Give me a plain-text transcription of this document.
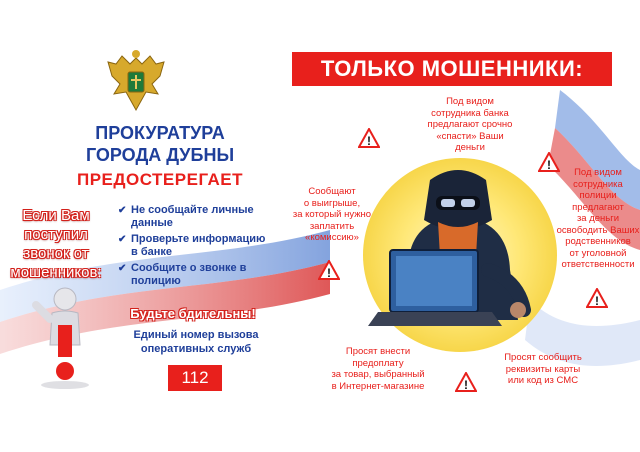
ПРОКУРАТУРА
ГОРОДА ДУБНЫ
ПРЕДОСТЕРЕГАЕТ
Если Вам
поступил
звонок от
мошенников:
✔ Не сообщайте личные данные
✔ Проверьте информацию в банке
✔ Сообщите о звонке в полицию
Будьте бдительны!
Единый номер вызова
оперативных служб
112
ТОЛЬКО МОШЕННИКИ:
!
!
!
!
!
Под видом
сотрудника банка
предлагают срочно
«спасти» Ваши
деньги
Под видом
сотрудника
полиции
предлагают
за деньги
освободить Ваших
родственников
от уголовной
ответственности
Сообщают
о выигрыше,
за который нужно
заплатить
«комиссию»
Просят внести
предоплату
за товар, выбранный
в Интернет-магазине
Просят сообщить
реквизиты карты
или код из СМС
